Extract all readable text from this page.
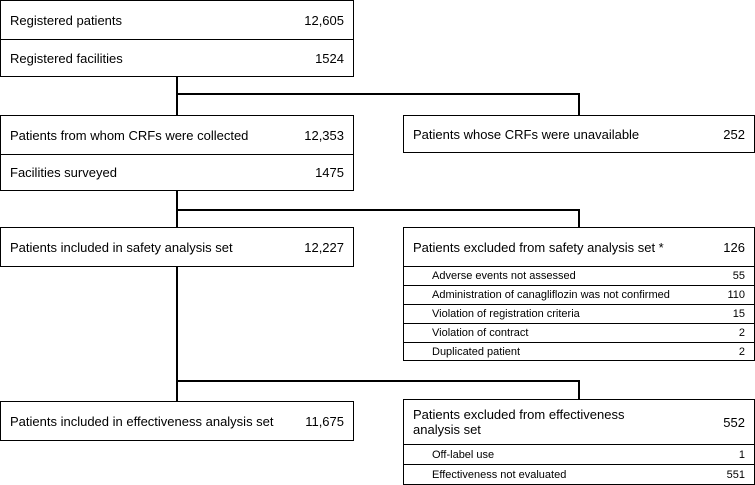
Registered patients	12,605
Registered facilities	1524
Patients from whom CRFs were collected	12,353
Facilities surveyed	1475
Patients whose CRFs were unavailable	252
Patients included in safety analysis set	12,227	Patients excluded from safety analysis set *	126
Adverse events not assessed	55
Administration of canagliflozin was not confirmed	110
Violation of registration criteria	15
Violation of contract	2
Duplicated patient	2
Patients included in effectiveness analysis set 11,675	Patients excluded from effectiveness analysis set	552
Off-label use	1
Effectiveness not evaluated	551
